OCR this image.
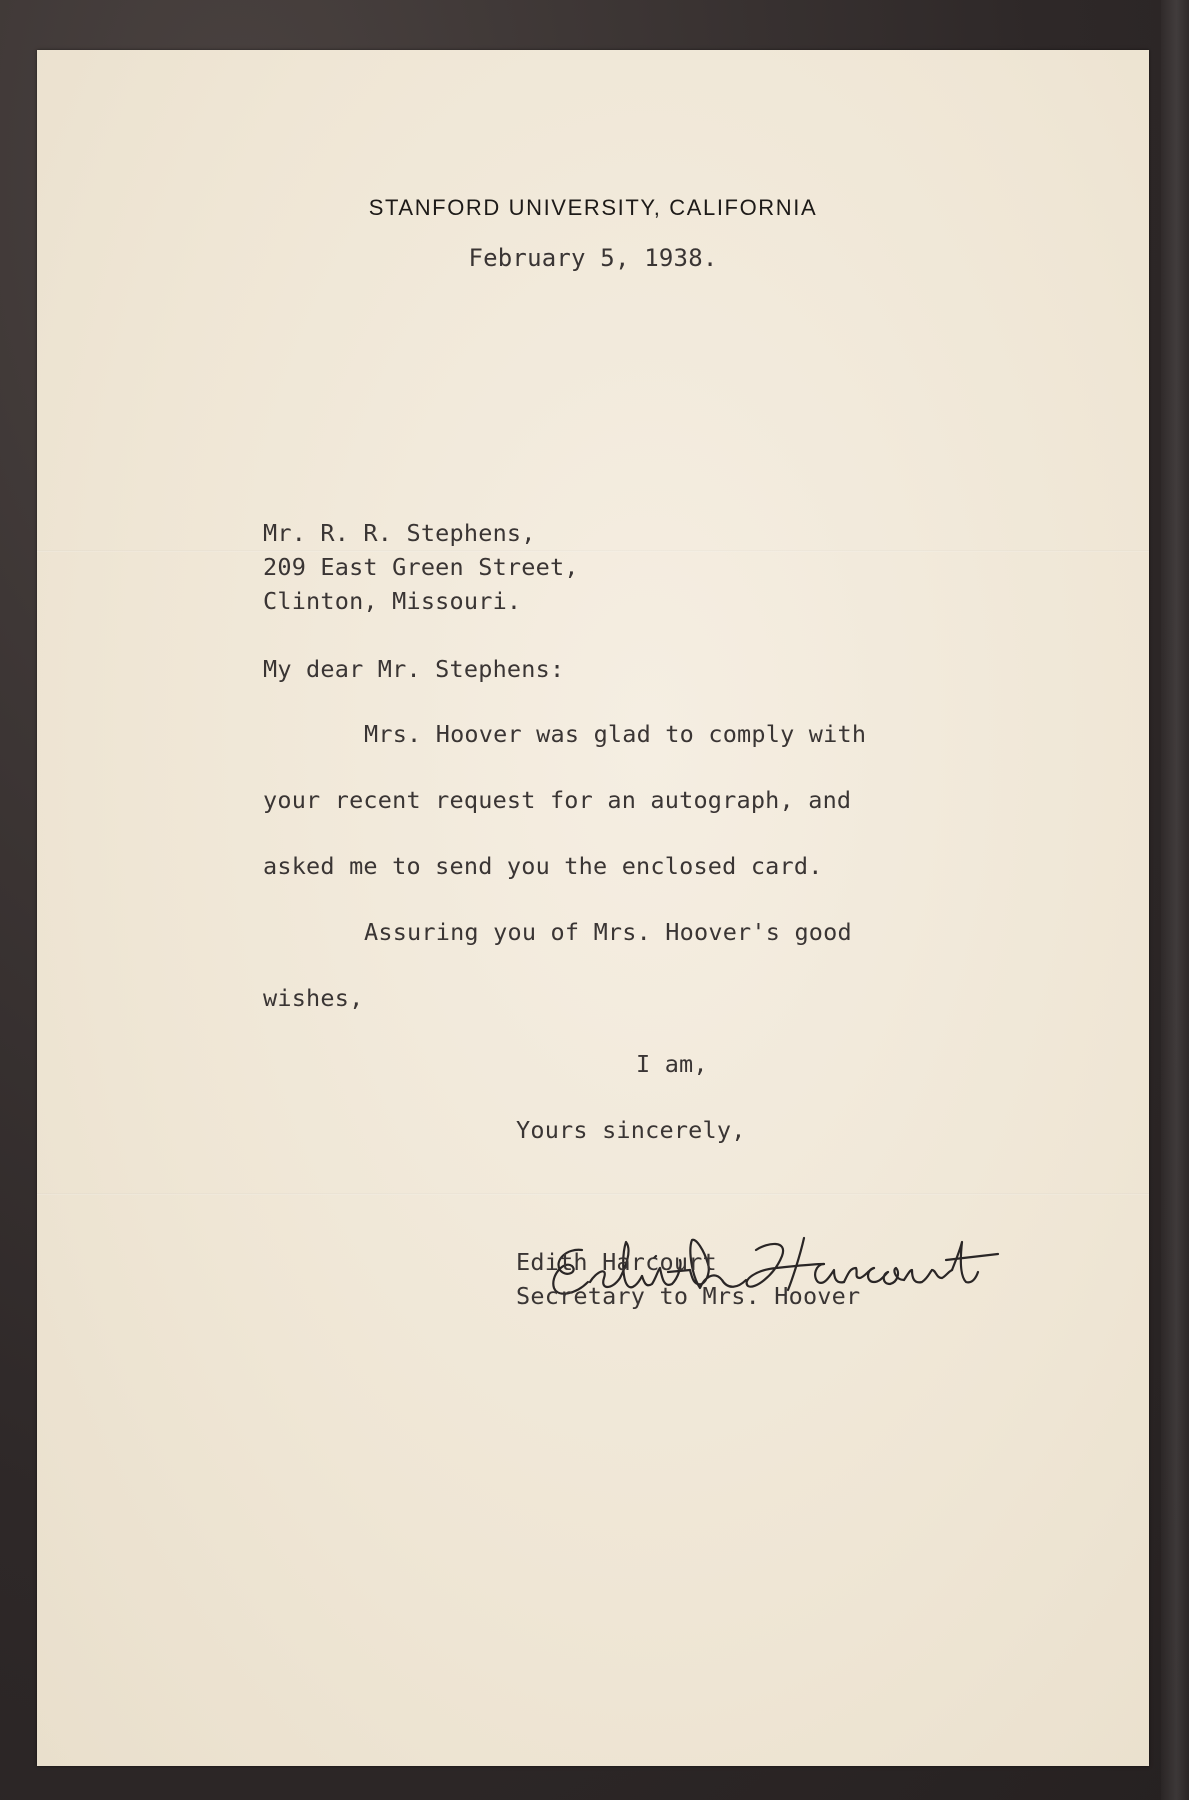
STANFORD UNIVERSITY, CALIFORNIA

February 5, 1938.

Mr. R. R. Stephens,

209 East Green Street,

Clinton, Missouri.

My dear Mr. Stephens:

Mrs. Hoover was glad to comply with

your recent request for an autograph, and

asked me to send you the enclosed card.

Assuring you of Mrs. Hoover's good

wishes,

I am,

Yours sincerely,

Edith Harcourt

Secretary to Mrs. Hoover
